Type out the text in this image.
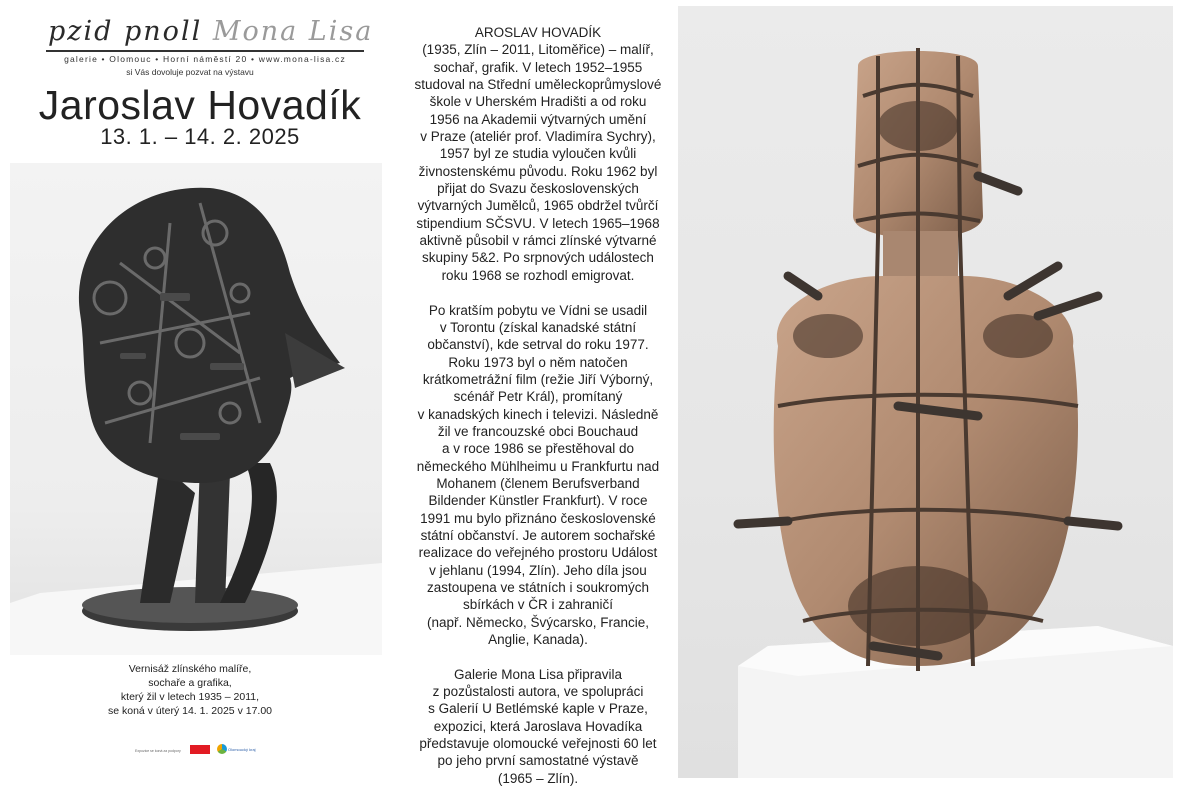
pzid pnoll Mona Lisa
galerie • Olomouc • Horní náměstí 20 • www.mona-lisa.cz
si Vás dovoluje pozvat na výstavu
Jaroslav Hovadík
13. 1. – 14. 2. 2025
Vernisáž zlínského malíře,
sochaře a grafika,
který žil v letech 1935 – 2011,
se koná v úterý 14. 1. 2025 v 17.00
Expozice se koná za podpory	Olomoucký kraj
AROSLAV HOVADÍK
(1935, Zlín – 2011, Litoměřice) – malíř,
sochař, grafik. V letech 1952–1955
studoval na Střední uměleckoprůmyslové
škole v Uherském Hradišti a od roku
1956 na Akademii výtvarných umění
v Praze (ateliér prof. Vladimíra Sychry),
1957 byl ze studia vyloučen kvůli
živnostenskému původu. Roku 1962 byl
přijat do Svazu československých
výtvarných Jumělců, 1965 obdržel tvůrčí
stipendium SČSVU. V letech 1965–1968
aktivně působil v rámci zlínské výtvarné
skupiny 5&2. Po srpnových událostech
roku 1968 se rozhodl emigrovat.
Po kratším pobytu ve Vídni se usadil
v Torontu (získal kanadské státní
občanství), kde setrval do roku 1977.
Roku 1973 byl o něm natočen
krátkometrážní film (režie Jiří Výborný,
scénář Petr Král), promítaný
v kanadských kinech i televizi. Následně
žil ve francouzské obci Bouchaud
a v roce 1986 se přestěhoval do
německého Mühlheimu u Frankfurtu nad
Mohanem (členem Berufsverband
Bildender Künstler Frankfurt). V roce
1991 mu bylo přiznáno československé
státní občanství. Je autorem sochařské
realizace do veřejného prostoru Událost
v jehlanu (1994, Zlín). Jeho díla jsou
zastoupena ve státních i soukromých
sbírkách v ČR i zahraničí
(např. Německo, Švýcarsko, Francie,
Anglie, Kanada).
Galerie Mona Lisa připravila
z pozůstalosti autora, ve spolupráci
s Galerií U Betlémské kaple v Praze,
expozici, která Jaroslava Hovadíka
představuje olomoucké veřejnosti 60 let
po jeho první samostatné výstavě
(1965 – Zlín).
